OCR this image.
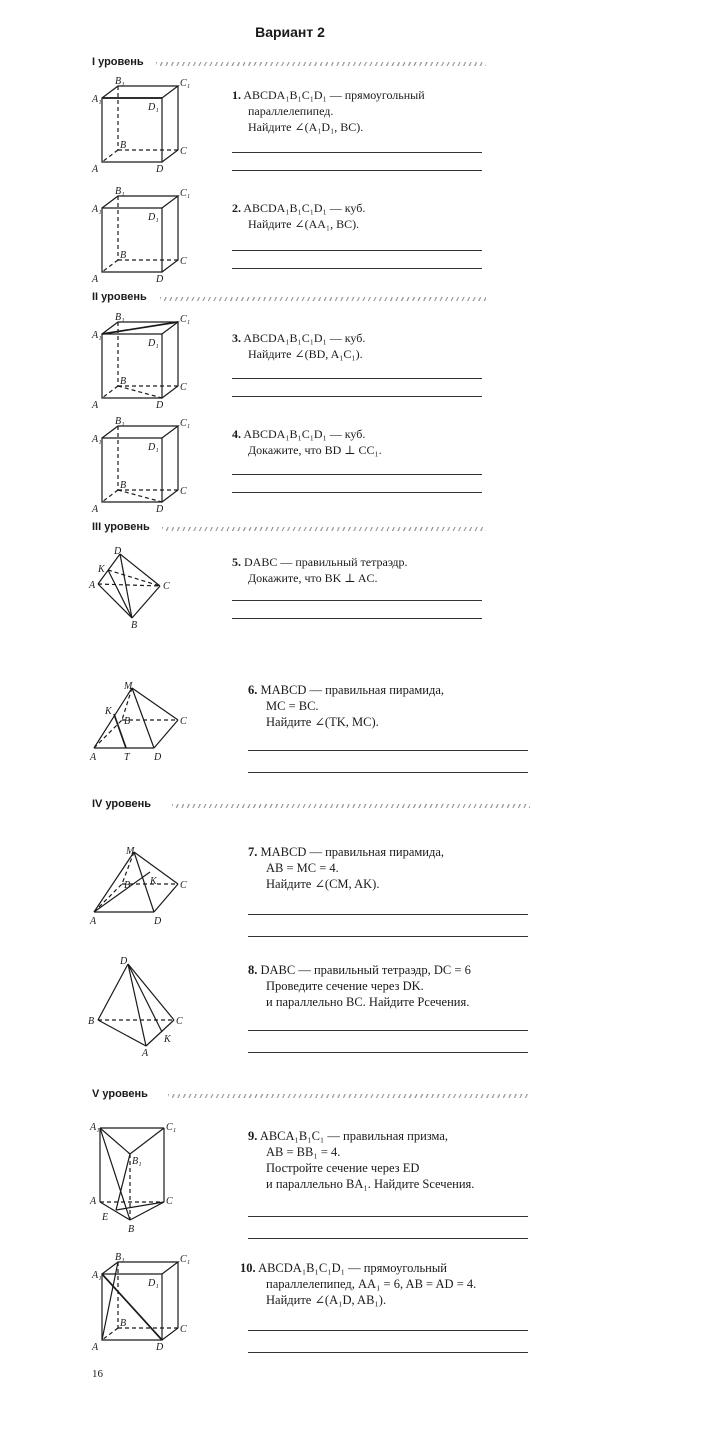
Вариант 2
I уровень
II уровень
III уровень
IV уровень
V уровень
A₁
B₁	C₁
D₁
A
B
C
D
A₁
B₁	C₁
D₁
A
B
C
D
A₁
B₁	C₁
D₁
A
B
C
D
A₁
B₁	C₁
D₁
A
B
C
D
D
K
A	C
B
M
K
B	C
A	T D
M
B K C
A	D
D
B	C
K
A
A₁	C₁
B₁
A	C
E
B
A₁
B₁	C₁
D₁
A
B
C
D
1. ABCDA₁B₁C₁D₁ — прямоугольный
параллелепипед.
Найдите ∠(A₁D₁, BC).
2. ABCDA₁B₁C₁D₁ — куб.
Найдите ∠(AA₁, BC).
3. ABCDA₁B₁C₁D₁ — куб.
Найдите ∠(BD, A₁C₁).
4. ABCDA₁B₁C₁D₁ — куб.
Докажите, что BD ⊥ CC₁.
5. DABC — правильный тетраэдр.
Докажите, что BK ⊥ AC.
6. MABCD — правильная пирамида,
MC = BC.
Найдите ∠(TK, MC).
7. MABCD — правильная пирамида,
AB = MC = 4.
Найдите ∠(CM, AK).
8. DABC — правильный тетраэдр, DC = 6
Проведите сечение через DK.
и параллельно BC. Найдите Pсечения.
9. ABCA₁B₁C₁ — правильная призма,
AB = BB₁ = 4.
Постройте сечение через ED
и параллельно BA₁. Найдите Sсечения.
10. ABCDA₁B₁C₁D₁ — прямоугольный
параллелепипед, AA₁ = 6, AB = AD = 4.
Найдите ∠(A₁D, AB₁).
16
